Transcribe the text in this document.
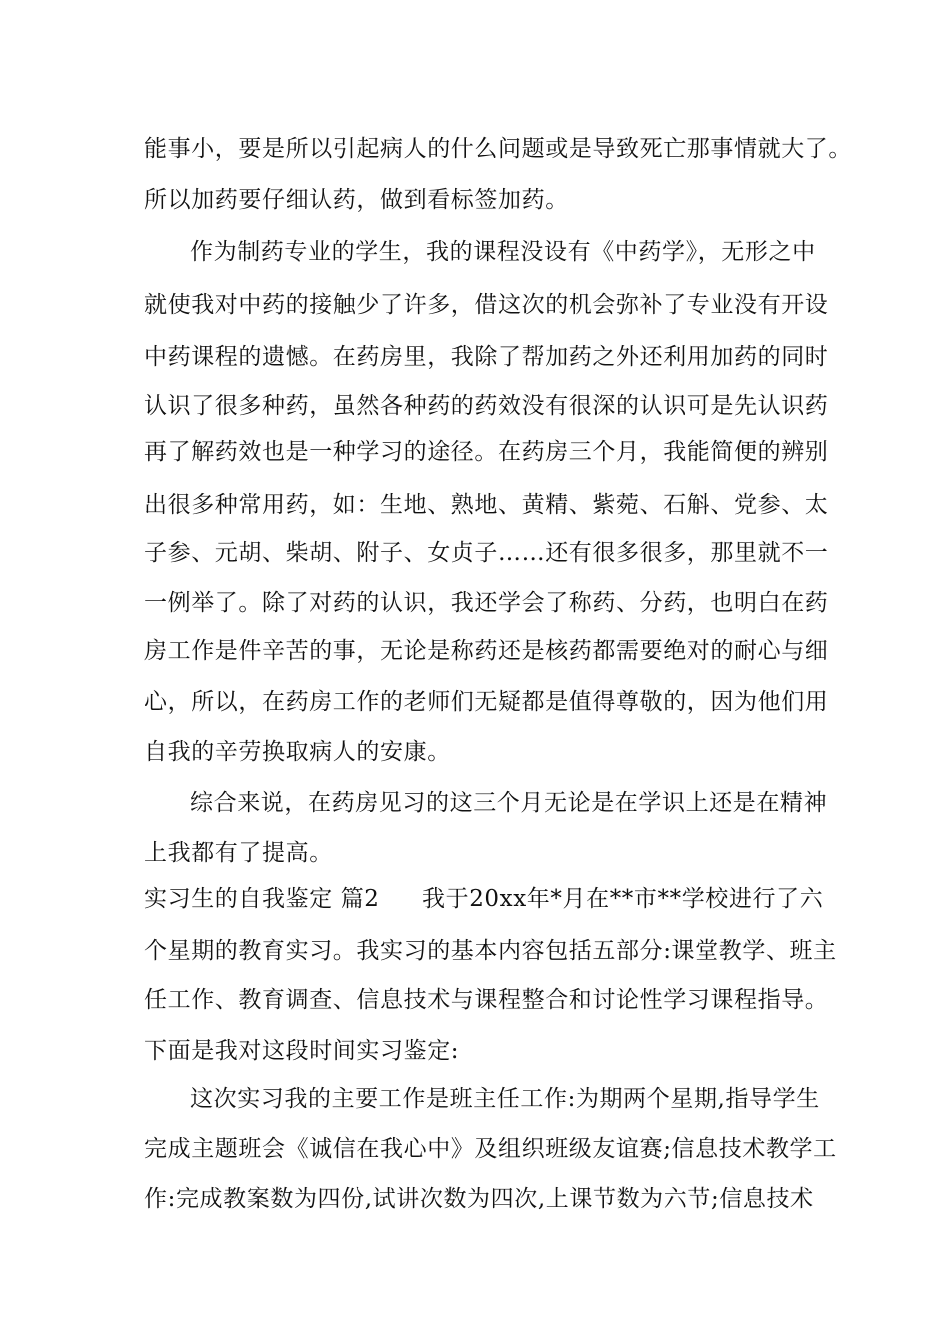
能事小，要是所以引起病人的什么问题或是导致死亡那事情就大了。
所以加药要仔细认药，做到看标签加药。
作为制药专业的学生，我的课程没设有《中药学》，无形之中
就使我对中药的接触少了许多，借这次的机会弥补了专业没有开设
中药课程的遗憾。在药房里，我除了帮加药之外还利用加药的同时
认识了很多种药，虽然各种药的药效没有很深的认识可是先认识药
再了解药效也是一种学习的途径。在药房三个月，我能简便的辨别
出很多种常用药，如：生地、熟地、黄精、紫菀、石斛、党参、太
子参、元胡、柴胡、附子、女贞子……还有很多很多，那里就不一
一例举了。除了对药的认识，我还学会了称药、分药，也明白在药
房工作是件辛苦的事，无论是称药还是核药都需要绝对的耐心与细
心，所以，在药房工作的老师们无疑都是值得尊敬的，因为他们用
自我的辛劳换取病人的安康。
综合来说，在药房见习的这三个月无论是在学识上还是在精神
上我都有了提高。
实习生的自我鉴定 篇2	我于20xx年*月在**市**学校进行了六
个星期的教育实习。我实习的基本内容包括五部分:课堂教学、班主
任工作、教育调查、信息技术与课程整合和讨论性学习课程指导。
下面是我对这段时间实习鉴定:
这次实习我的主要工作是班主任工作:为期两个星期,指导学生
完成主题班会《诚信在我心中》及组织班级友谊赛;信息技术教学工
作:完成教案数为四份,试讲次数为四次,上课节数为六节;信息技术
